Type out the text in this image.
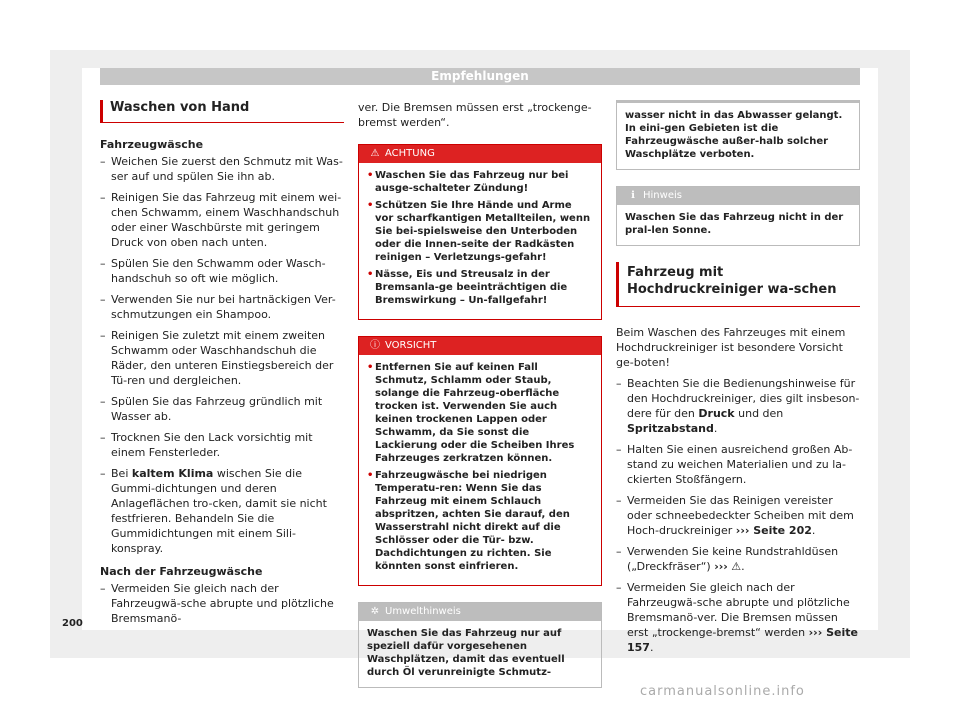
Empfehlungen
Waschen von Hand
Fahrzeugwäsche
– Weichen Sie zuerst den Schmutz mit Was-ser auf und spülen Sie ihn ab.
– Reinigen Sie das Fahrzeug mit einem wei-chen Schwamm, einem Waschhandschuh oder einer Waschbürste mit geringem Druck von oben nach unten.
– Spülen Sie den Schwamm oder Wasch-handschuh so oft wie möglich.
– Verwenden Sie nur bei hartnäckigen Ver-schmutzungen ein Shampoo.
– Reinigen Sie zuletzt mit einem zweiten Schwamm oder Waschhandschuh die Räder, den unteren Einstiegsbereich der Tü-ren und dergleichen.
– Spülen Sie das Fahrzeug gründlich mit Wasser ab.
– Trocknen Sie den Lack vorsichtig mit einem Fensterleder.
– Bei kaltem Klima wischen Sie die Gummi-dichtungen und deren Anlageflächen tro-cken, damit sie nicht festfrieren. Behandeln Sie die Gummidichtungen mit einem Sili-konspray.
Nach der Fahrzeugwäsche
– Vermeiden Sie gleich nach der Fahrzeugwä-sche abrupte und plötzliche Bremsmanö-
ver. Die Bremsen müssen erst „trockenge-bremst werden“.
⚠ ACHTUNG
• Waschen Sie das Fahrzeug nur bei ausge-schalteter Zündung!
• Schützen Sie Ihre Hände und Arme vor scharfkantigen Metallteilen, wenn Sie bei-spielsweise den Unterboden oder die Innen-seite der Radkästen reinigen – Verletzungs-gefahr!
• Nässe, Eis und Streusalz in der Bremsanla-ge beeinträchtigen die Bremswirkung – Un-fallgefahr!
ⓘ VORSICHT
• Entfernen Sie auf keinen Fall Schmutz, Schlamm oder Staub, solange die Fahrzeug-oberfläche trocken ist. Verwenden Sie auch keinen trockenen Lappen oder Schwamm, da Sie sonst die Lackierung oder die Scheiben Ihres Fahrzeuges zerkratzen können.
• Fahrzeugwäsche bei niedrigen Temperatu-ren: Wenn Sie das Fahrzeug mit einem Schlauch abspritzen, achten Sie darauf, den Wasserstrahl nicht direkt auf die Schlösser oder die Tür- bzw. Dachdichtungen zu richten. Sie könnten sonst einfrieren.
✲ Umwelthinweis
Waschen Sie das Fahrzeug nur auf speziell dafür vorgesehenen Waschplätzen, damit das eventuell durch Öl verunreinigte Schmutz-
wasser nicht in das Abwasser gelangt. In eini-gen Gebieten ist die Fahrzeugwäsche außer-halb solcher Waschplätze verboten.
ℹ Hinweis
Waschen Sie das Fahrzeug nicht in der pral-len Sonne.
Fahrzeug mit Hochdruckreiniger wa-schen
Beim Waschen des Fahrzeuges mit einem Hochdruckreiniger ist besondere Vorsicht ge-boten!
– Beachten Sie die Bedienungshinweise für den Hochdruckreiniger, dies gilt insbeson-dere für den Druck und den Spritzabstand.
– Halten Sie einen ausreichend großen Ab-stand zu weichen Materialien und zu la-ckierten Stoßfängern.
– Vermeiden Sie das Reinigen vereister oder schneebedeckter Scheiben mit dem Hoch-druckreiniger ››› Seite 202.
– Verwenden Sie keine Rundstrahldüsen („Dreckfräser“) ››› ⚠.
– Vermeiden Sie gleich nach der Fahrzeugwä-sche abrupte und plötzliche Bremsmanö-ver. Die Bremsen müssen erst „trockenge-bremst“ werden ››› Seite 157.
200
carmanualsonline.info
